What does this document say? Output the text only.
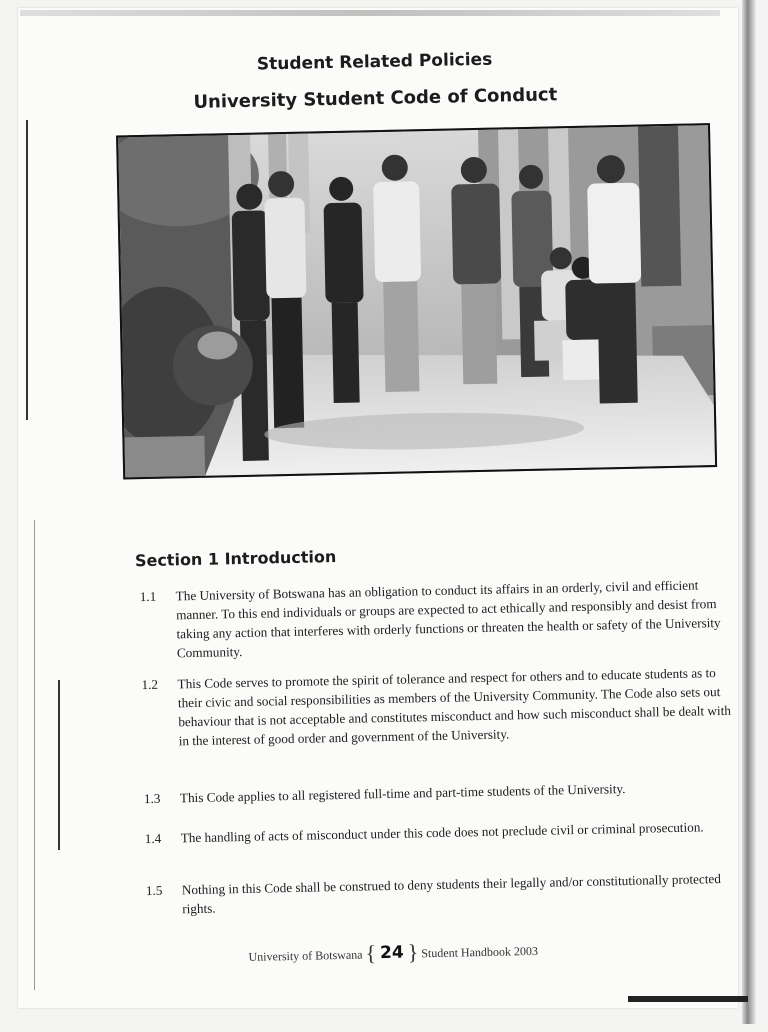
Student Related Policies
University Student Code of Conduct
Section 1 Introduction
1.1	The University of Botswana has an obligation to conduct its affairs in an orderly, civil and efficient manner. To this end individuals or groups are expected to act ethically and responsibly and desist from taking any action that interferes with orderly functions or threaten the health or safety of the University Community.
1.2	This Code serves to promote the spirit of tolerance and respect for others and to educate students as to their civic and social responsibilities as members of the University Community. The Code also sets out behaviour that is not acceptable and constitutes misconduct and how such misconduct shall be dealt with in the interest of good order and government of the University.
1.3	This Code applies to all registered full-time and part-time students of the University.
1.4	The handling of acts of misconduct under this code does not preclude civil or criminal prosecution.
1.5	Nothing in this Code shall be construed to deny students their legally and/or constitutionally protected rights.
University of Botswana { 24 } Student Handbook 2003
